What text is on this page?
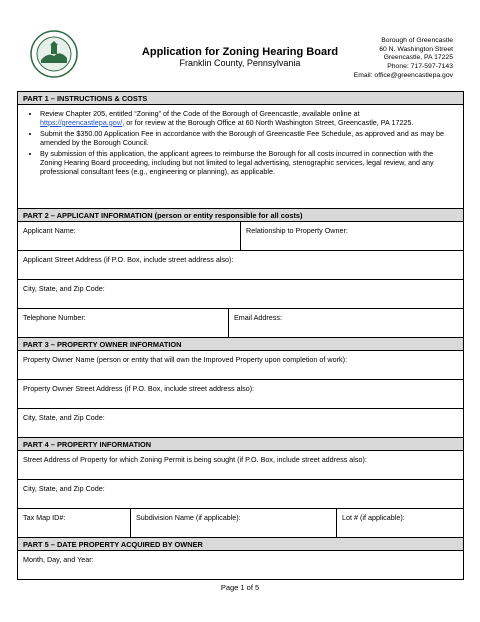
Application for Zoning Hearing Board
Franklin County, Pennsylvania
Borough of Greencastle
60 N. Washington Street
Greencastle, PA 17225
Phone: 717-597-7143
Email: office@greencastlepa.gov
PART 1 – INSTRUCTIONS & COSTS
• Review Chapter 205, entitled “Zoning” of the Code of the Borough of Greencastle, available online at
https://greencastlepa.gov/, or for review at the Borough Office at 60 North Washington Street, Greencastle, PA 17225.
• Submit the $350.00 Application Fee in accordance with the Borough of Greencastle Fee Schedule, as approved and as may be amended by the Borough Council.
• By submission of this application, the applicant agrees to reimburse the Borough for all costs incurred in connection with the Zoning Hearing Board proceeding, including but not limited to legal advertising, stenographic services, legal review, and any professional consultant fees (e.g., engineering or planning), as applicable.
PART 2 – APPLICANT INFORMATION (person or entity responsible for all costs)
Applicant Name:	Relationship to Property Owner:
Applicant Street Address (if P.O. Box, include street address also):
City, State, and Zip Code:
Telephone Number:	Email Address:
PART 3 – PROPERTY OWNER INFORMATION
Property Owner Name (person or entity that will own the Improved Property upon completion of work):
Property Owner Street Address (if P.O. Box, include street address also):
City, State, and Zip Code:
PART 4 – PROPERTY INFORMATION
Street Address of Property for which Zoning Permit is being sought (if P.O. Box, include street address also):
City, State, and Zip Code:
Tax Map ID#:	Subdivision Name (if applicable):	Lot # (if applicable):
PART 5 – DATE PROPERTY ACQUIRED BY OWNER
Month, Day, and Year:
Page 1 of 5
